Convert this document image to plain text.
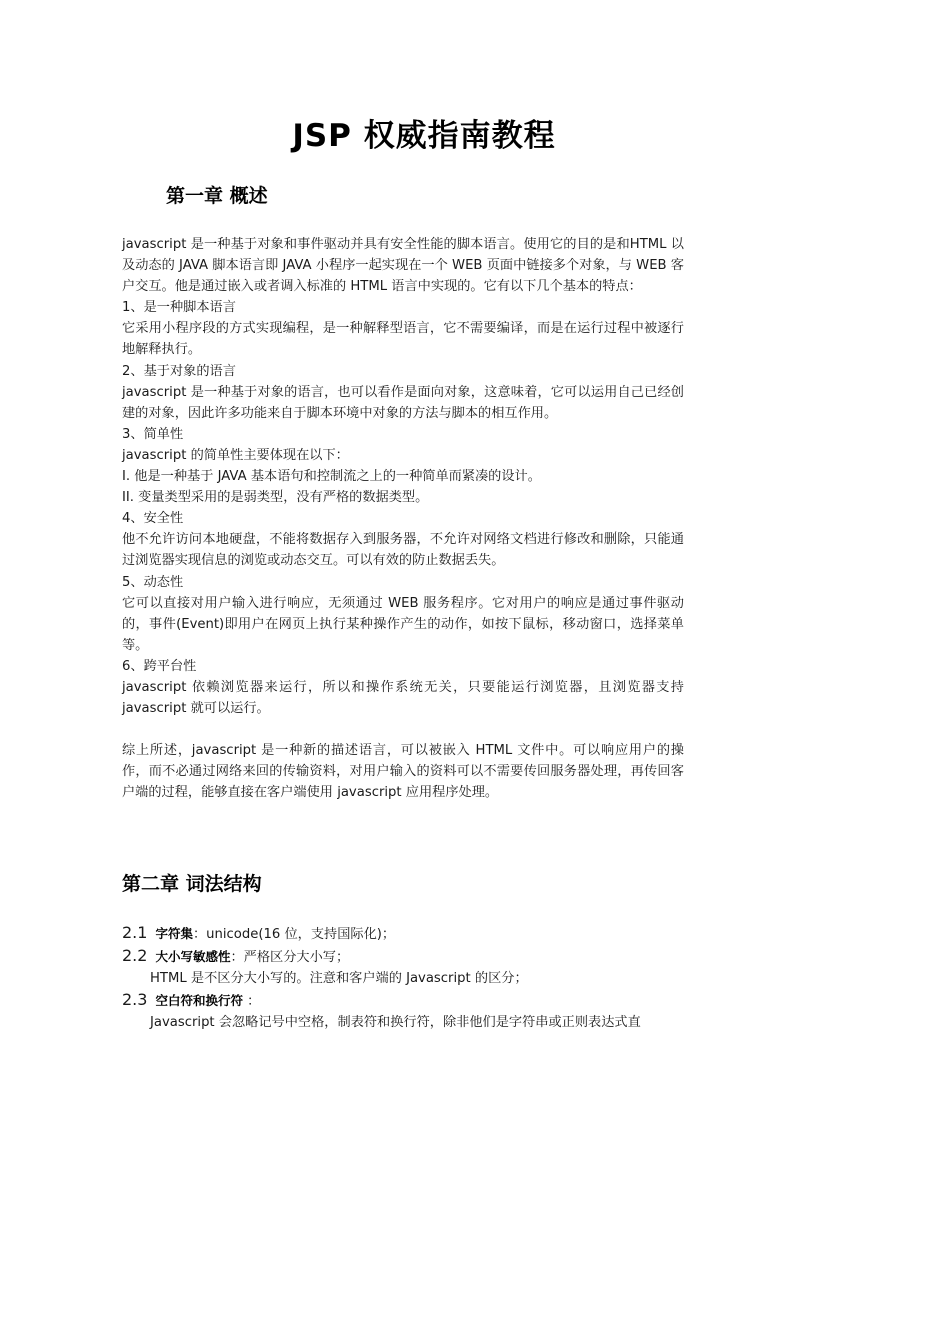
JSP 权威指南教程
第一章 概述

javascript 是一种基于对象和事件驱动并具有安全性能的脚本语言。使用它的目的是和HTML 以及动态的 JAVA 脚本语言即 JAVA 小程序一起实现在一个 WEB 页面中链接多个对象，与 WEB 客户交互。他是通过嵌入或者调入标准的 HTML 语言中实现的。它有以下几个基本的特点：

1、是一种脚本语言

它采用小程序段的方式实现编程，是一种解释型语言，它不需要编译，而是在运行过程中被逐行地解释执行。

2、基于对象的语言

javascript 是一种基于对象的语言，也可以看作是面向对象，这意味着，它可以运用自己已经创建的对象，因此许多功能来自于脚本环境中对象的方法与脚本的相互作用。

3、简单性

javascript 的简单性主要体现在以下：

I. 他是一种基于 JAVA 基本语句和控制流之上的一种简单而紧凑的设计。

II. 变量类型采用的是弱类型，没有严格的数据类型。

4、安全性

他不允许访问本地硬盘，不能将数据存入到服务器，不允许对网络文档进行修改和删除，只能通过浏览器实现信息的浏览或动态交互。可以有效的防止数据丢失。

5、动态性

它可以直接对用户输入进行响应，无须通过 WEB 服务程序。它对用户的响应是通过事件驱动的，事件(Event)即用户在网页上执行某种操作产生的动作，如按下鼠标，移动窗口，选择菜单等。

6、跨平台性

javascript 依赖浏览器来运行，所以和操作系统无关，只要能运行浏览器，且浏览器支持javascript 就可以运行。

综上所述，javascript 是一种新的描述语言，可以被嵌入 HTML 文件中。可以响应用户的操作，而不必通过网络来回的传输资料，对用户输入的资料可以不需要传回服务器处理，再传回客户端的过程，能够直接在客户端使用 javascript 应用程序处理。

第二章 词法结构
2.1 字符集：unicode(16 位，支持国际化)；
2.2 大小写敏感性：严格区分大小写；
HTML 是不区分大小写的。注意和客户端的 Javascript 的区分；
2.3 空白符和换行符 ：
Javascript 会忽略记号中空格，制表符和换行符，除非他们是字符串或正则表达式直
